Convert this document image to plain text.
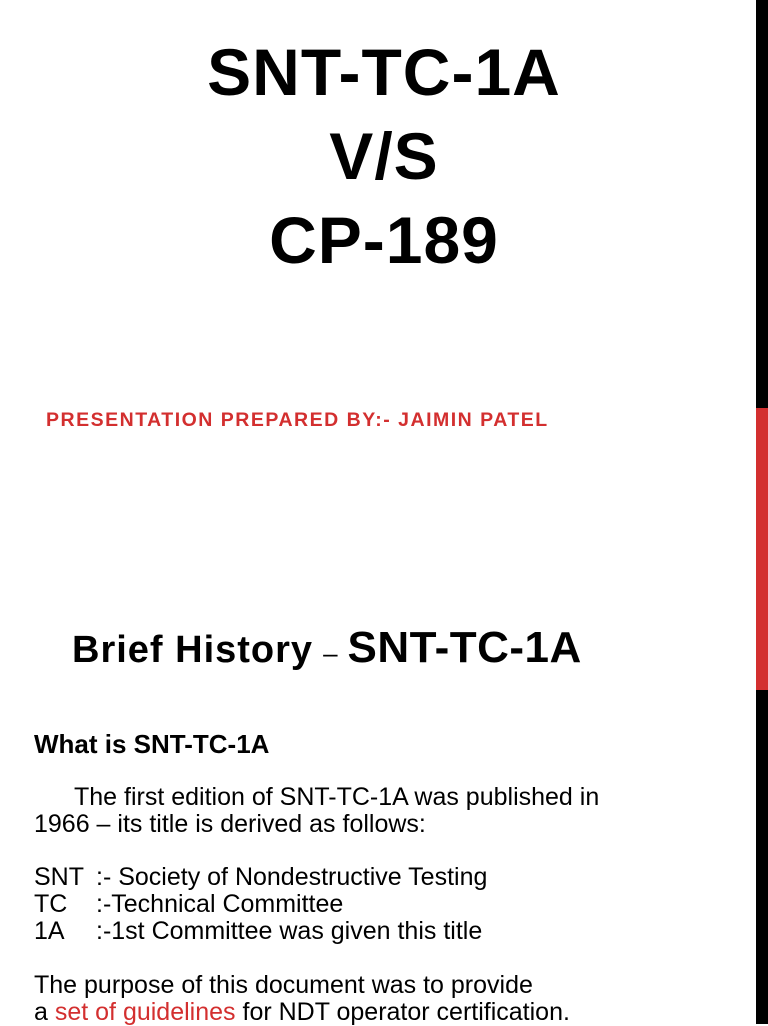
SNT-TC-1A
V/S
CP-189
PRESENTATION PREPARED BY:- JAIMIN PATEL
Brief History – SNT-TC-1A
What is SNT-TC-1A
The first edition of SNT-TC-1A was published in
1966 – its title is derived as follows:
SNT :- Society of Nondestructive Testing
TC :-Technical Committee
1A :-1st Committee was given this title
The purpose of this document was to provide
a set of guidelines for NDT operator certification.
